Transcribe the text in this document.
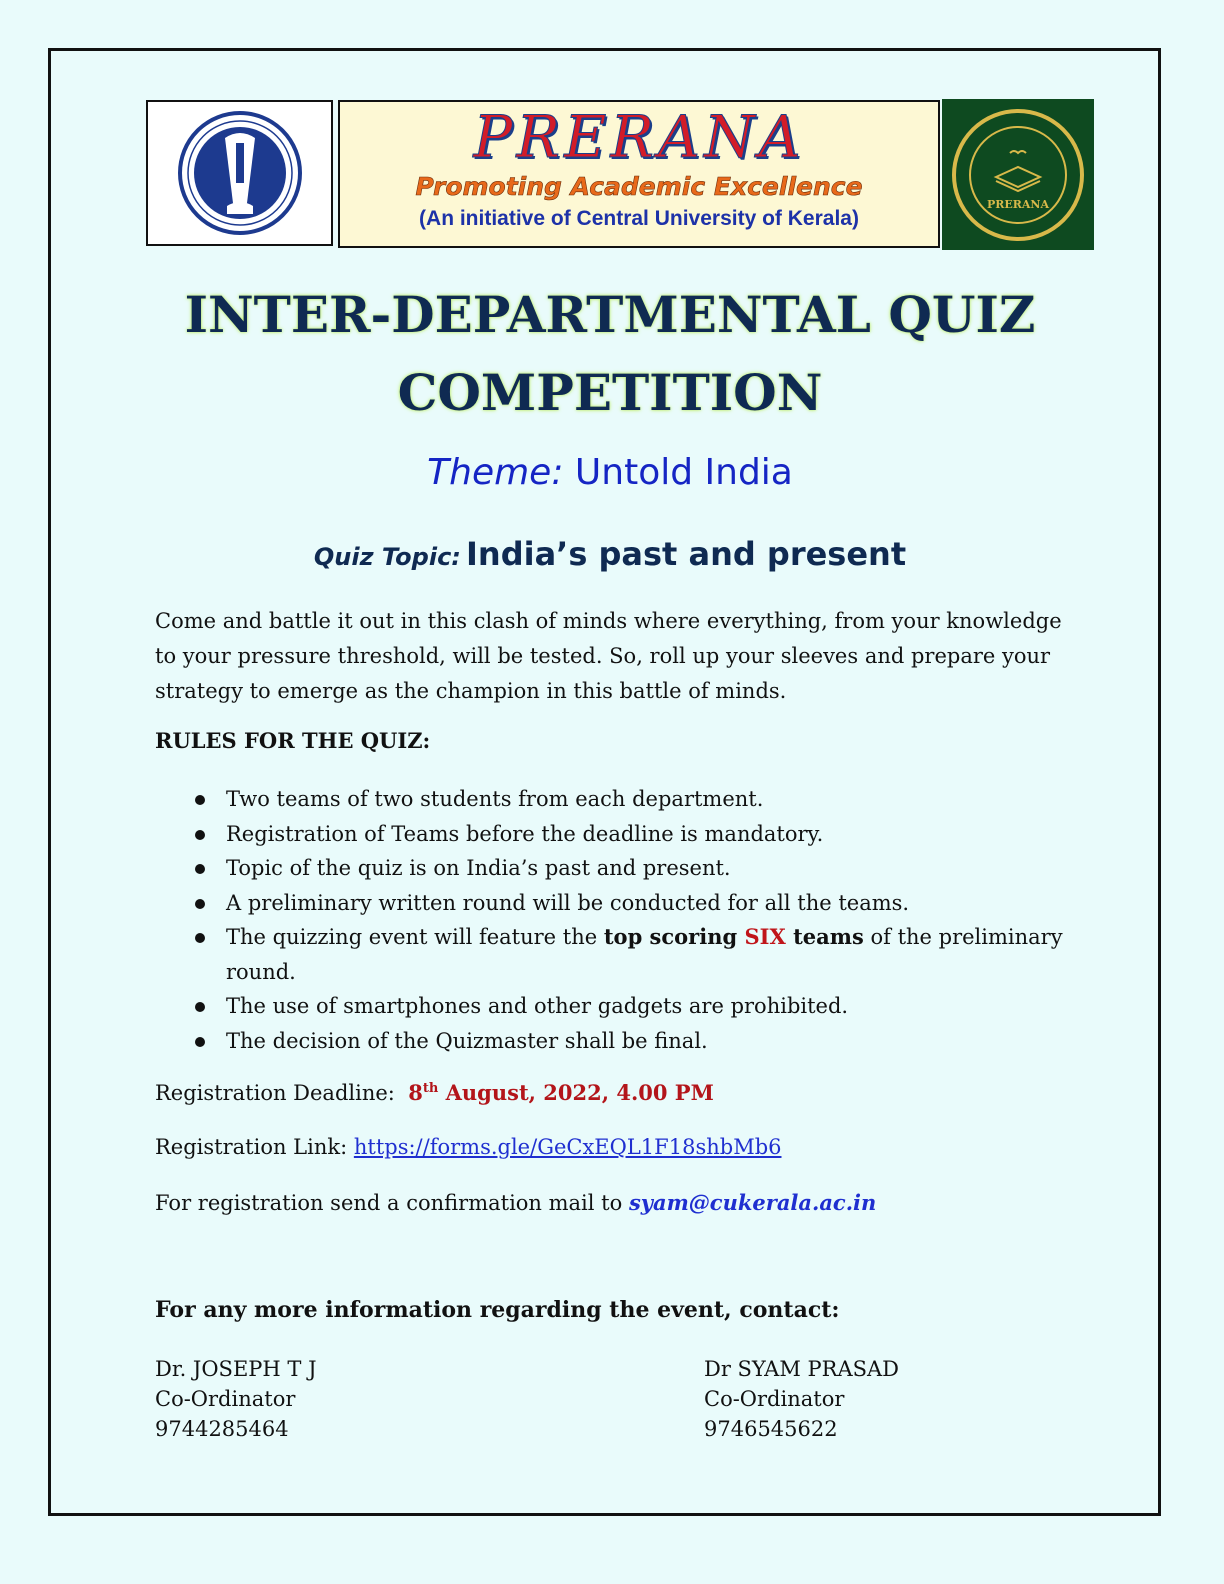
PRERANA
Promoting Academic Excellence
(An initiative of Central University of Kerala)
PRERANA
INTER-DEPARTMENTAL QUIZ
COMPETITION
Theme: Untold India
Quiz Topic: India’s past and present

Come and battle it out in this clash of minds where everything, from your knowledge to your pressure threshold, will be tested. So, roll up your sleeves and prepare your strategy to emerge as the champion in this battle of minds.

RULES FOR THE QUIZ:
Two teams of two students from each department.
Registration of Teams before the deadline is mandatory.
Topic of the quiz is on India’s past and present.
A preliminary written round will be conducted for all the teams.
The quizzing event will feature the top scoring SIX teams of the preliminary round.
The use of smartphones and other gadgets are prohibited.
The decision of the Quizmaster shall be final.
Registration Deadline: 8th August, 2022, 4.00 PM
Registration Link: https://forms.gle/GeCxEQL1F18shbMb6
For registration send a confirmation mail to syam@cukerala.ac.in
For any more information regarding the event, contact:
Dr. JOSEPH T J
Co-Ordinator
9744285464
Dr SYAM PRASAD
Co-Ordinator
9746545622
